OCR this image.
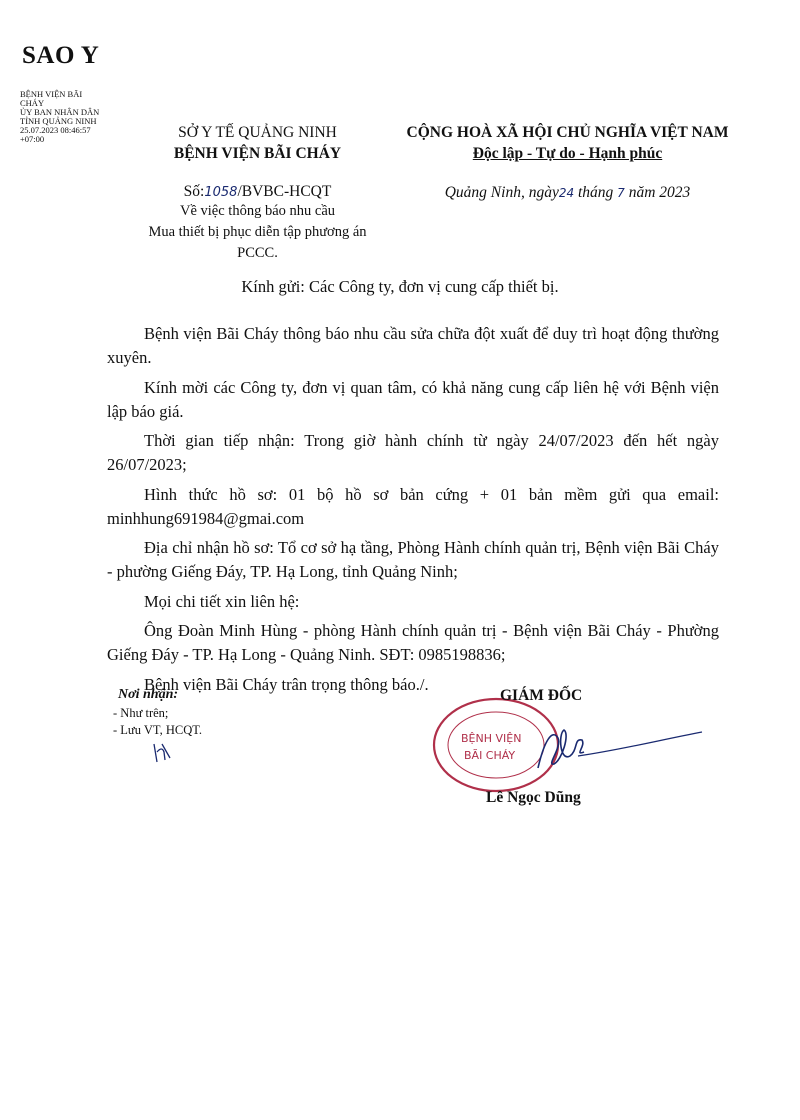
SAO Y
BỆNH VIỆN BÃI
CHÁY
ỦY BAN NHÂN DÂN
TỈNH QUẢNG NINH
25.07.2023 08:46:57
+07:00	SỞ Y TẾ QUẢNG NINH
BỆNH VIỆN BÃI CHÁY
CỘNG HOÀ XÃ HỘI CHỦ NGHĨA VIỆT NAM
Độc lập - Tự do - Hạnh phúc
Số:1058/BVBC-HCQT
Về việc thông báo nhu cầu
Mua thiết bị phục diễn tập phương án
PCCC.
Quảng Ninh, ngày24 tháng 7 năm 2023
Kính gửi: Các Công ty, đơn vị cung cấp thiết bị.

Bệnh viện Bãi Cháy thông báo nhu cầu sửa chữa đột xuất để duy trì hoạt động thường xuyên.

Kính mời các Công ty, đơn vị quan tâm, có khả năng cung cấp liên hệ với Bệnh viện lập báo giá.

Thời gian tiếp nhận: Trong giờ hành chính từ ngày 24/07/2023 đến hết ngày 26/07/2023;

Hình thức hồ sơ: 01 bộ hồ sơ bản cứng + 01 bản mềm gửi qua email: minhhung691984@gmai.com

Địa chỉ nhận hồ sơ: Tổ cơ sở hạ tầng, Phòng Hành chính quản trị, Bệnh viện Bãi Cháy - phường Giếng Đáy, TP. Hạ Long, tỉnh Quảng Ninh;

Mọi chi tiết xin liên hệ:

Ông Đoàn Minh Hùng - phòng Hành chính quản trị - Bệnh viện Bãi Cháy - Phường Giếng Đáy - TP. Hạ Long - Quảng Ninh. SĐT: 0985198836;

Bệnh viện Bãi Cháy trân trọng thông báo./.

Nơi nhận:
- Như trên;
- Lưu VT, HCQT.
BỆNH VIỆN
BÃI CHÁY
GIÁM ĐỐC
Lê Ngọc Dũng
